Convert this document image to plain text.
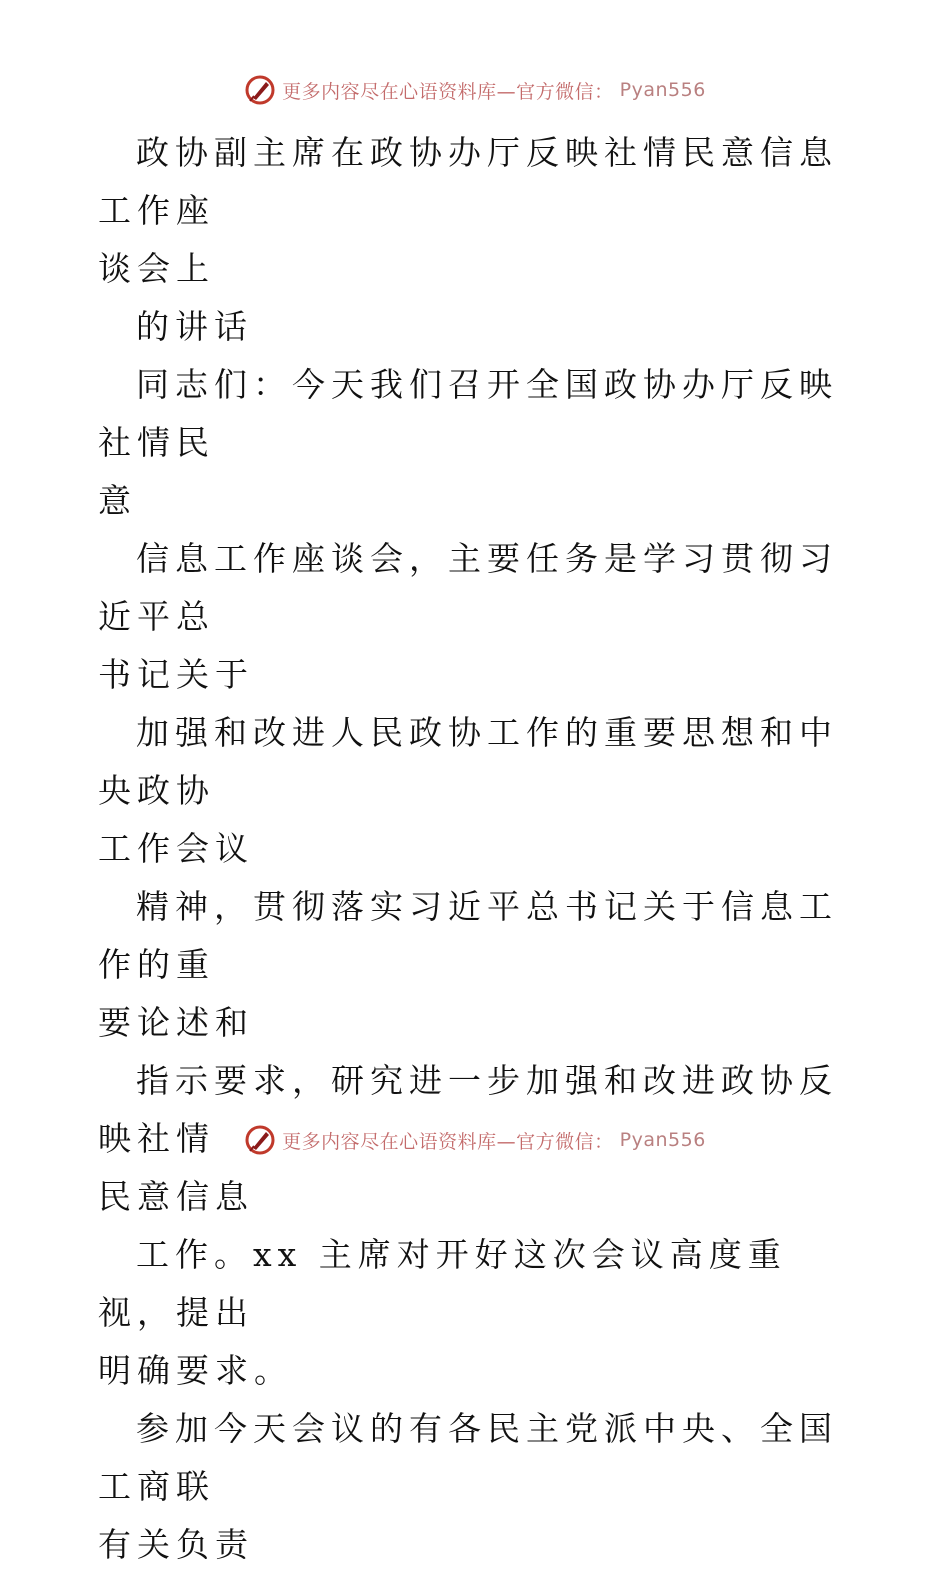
更多内容尽在心语资料库—官方微信： Pyan556

政协副主席在政协办厅反映社情民意信息工作座
谈会上

的讲话

同志们：今天我们召开全国政协办厅反映社情民
意

信息工作座谈会，主要任务是学习贯彻习近平总
书记关于

加强和改进人民政协工作的重要思想和中央政协
工作会议

精神，贯彻落实习近平总书记关于信息工作的重
要论述和

指示要求，研究进一步加强和改进政协反映社情
民意信息

工作。xx 主席对开好这次会议高度重视，提出
明确要求。

参加今天会议的有各民主党派中央、全国工商联
有关负责

更多内容尽在心语资料库—官方微信： Pyan556
